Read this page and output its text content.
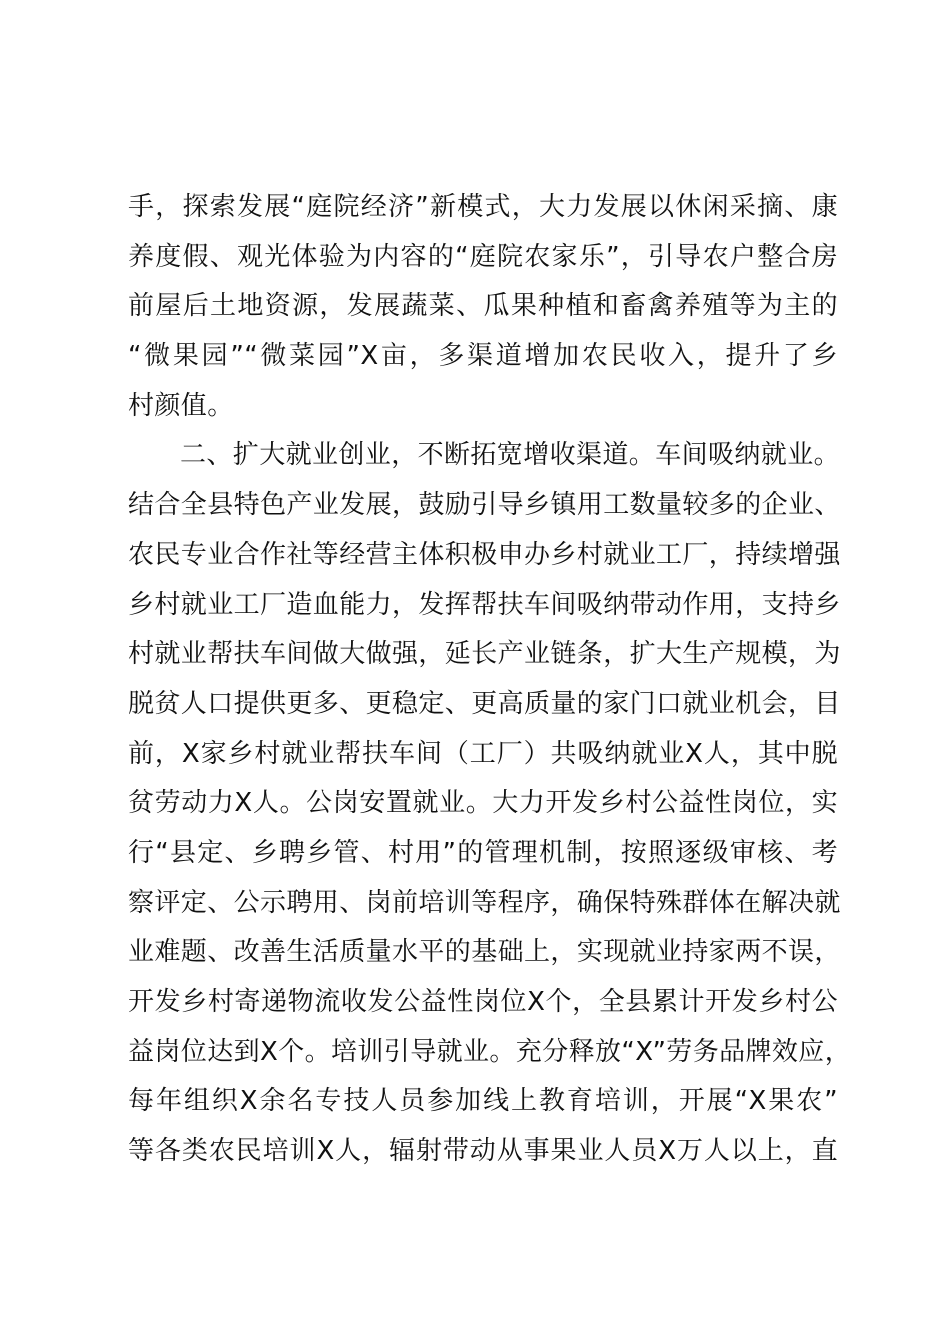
手，探索发展“庭院经济”新模式，大力发展以休闲采摘、康
养度假、观光体验为内容的“庭院农家乐”，引导农户整合房
前屋后土地资源，发展蔬菜、瓜果种植和畜禽养殖等为主的
“微果园”“微菜园”X亩，多渠道增加农民收入，提升了乡
村颜值。
二、扩大就业创业，不断拓宽增收渠道。车间吸纳就业。
结合全县特色产业发展，鼓励引导乡镇用工数量较多的企业、
农民专业合作社等经营主体积极申办乡村就业工厂，持续增强
乡村就业工厂造血能力，发挥帮扶车间吸纳带动作用，支持乡
村就业帮扶车间做大做强，延长产业链条，扩大生产规模，为
脱贫人口提供更多、更稳定、更高质量的家门口就业机会，目
前，X家乡村就业帮扶车间（工厂）共吸纳就业X人，其中脱
贫劳动力X人。公岗安置就业。大力开发乡村公益性岗位，实
行“县定、乡聘乡管、村用”的管理机制，按照逐级审核、考
察评定、公示聘用、岗前培训等程序，确保特殊群体在解决就
业难题、改善生活质量水平的基础上，实现就业持家两不误，
开发乡村寄递物流收发公益性岗位X个，全县累计开发乡村公
益岗位达到X个。培训引导就业。充分释放“X”劳务品牌效应，
每年组织X余名专技人员参加线上教育培训，开展“X果农”
等各类农民培训X人，辐射带动从事果业人员X万人以上，直
